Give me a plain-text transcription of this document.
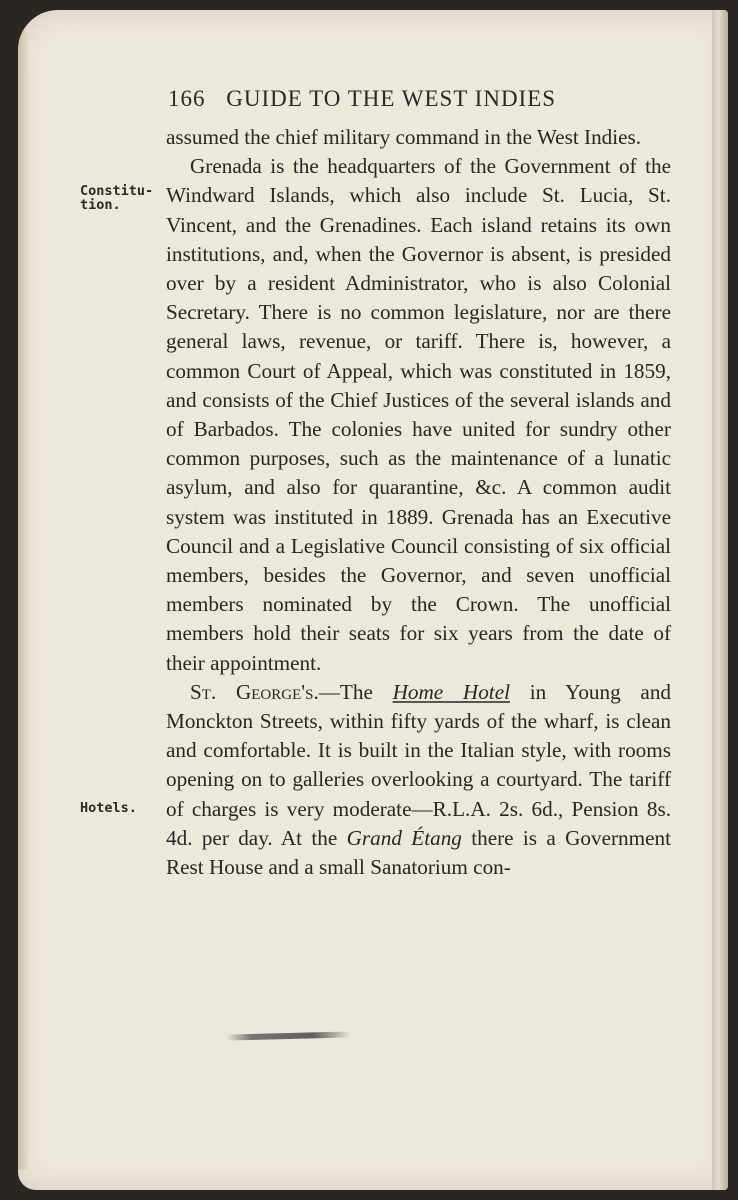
166 GUIDE TO THE WEST INDIES
Constitu-
tion.
Hotels.

assumed the chief military command in the West Indies.

Grenada is the headquarters of the Government of the Windward Islands, which also include St. Lucia, St. Vincent, and the Grenadines. Each island retains its own institutions, and, when the Governor is absent, is presided over by a resident Administrator, who is also Colonial Secretary. There is no common legislature, nor are there general laws, revenue, or tariff. There is, however, a common Court of Appeal, which was constituted in 1859, and consists of the Chief Justices of the several islands and of Barbados. The colonies have united for sundry other common purposes, such as the maintenance of a lunatic asylum, and also for quarantine, &c. A common audit system was instituted in 1889. Grenada has an Executive Council and a Legislative Council consisting of six official members, besides the Governor, and seven unofficial members nominated by the Crown. The unofficial members hold their seats for six years from the date of their appointment.

St. George's.—The Home Hotel in Young and Monckton Streets, within fifty yards of the wharf, is clean and comfortable. It is built in the Italian style, with rooms opening on to galleries overlooking a courtyard. The tariff of charges is very moderate—R.L.A. 2s. 6d., Pension 8s. 4d. per day. At the Grand Étang there is a Government Rest House and a small Sanatorium con-
